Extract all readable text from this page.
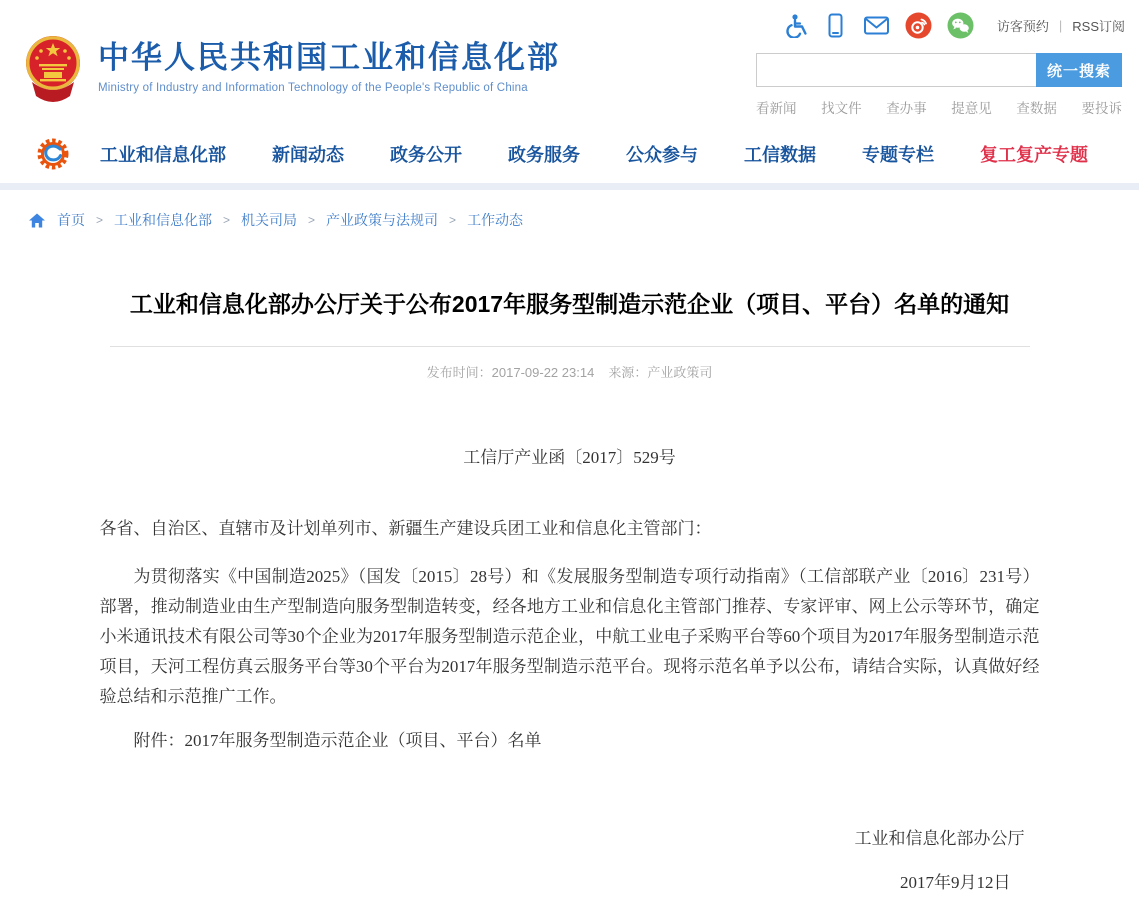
访客预约 | RSS订阅
中华人民共和国工业和信息化部
Ministry of Industry and Information Technology of the People's Republic of China
统一搜索
看新闻 找文件 查办事 提意见 查数据 要投诉
工业和信息化部	新闻动态	政务公开	政务服务	公众参与	工信数据	专题专栏	复工复产专题
首页 > 工业和信息化部 > 机关司局 > 产业政策与法规司 > 工作动态
工业和信息化部办公厅关于公布2017年服务型制造示范企业（项目、平台）名单的通知
发布时间：2017-09-22 23:14 来源：产业政策司
工信厅产业函〔2017〕529号

各省、自治区、直辖市及计划单列市、新疆生产建设兵团工业和信息化主管部门：

为贯彻落实《中国制造2025》（国发〔2015〕28号）和《发展服务型制造专项行动指南》（工信部联产业〔2016〕231号）部署，推动制造业由生产型制造向服务型制造转变，经各地方工业和信息化主管部门推荐、专家评审、网上公示等环节，确定小米通讯技术有限公司等30个企业为2017年服务型制造示范企业，中航工业电子采购平台等60个项目为2017年服务型制造示范项目，天河工程仿真云服务平台等30个平台为2017年服务型制造示范平台。现将示范名单予以公布，请结合实际，认真做好经验总结和示范推广工作。

附件：2017年服务型制造示范企业（项目、平台）名单

工业和信息化部办公厅
2017年9月12日
